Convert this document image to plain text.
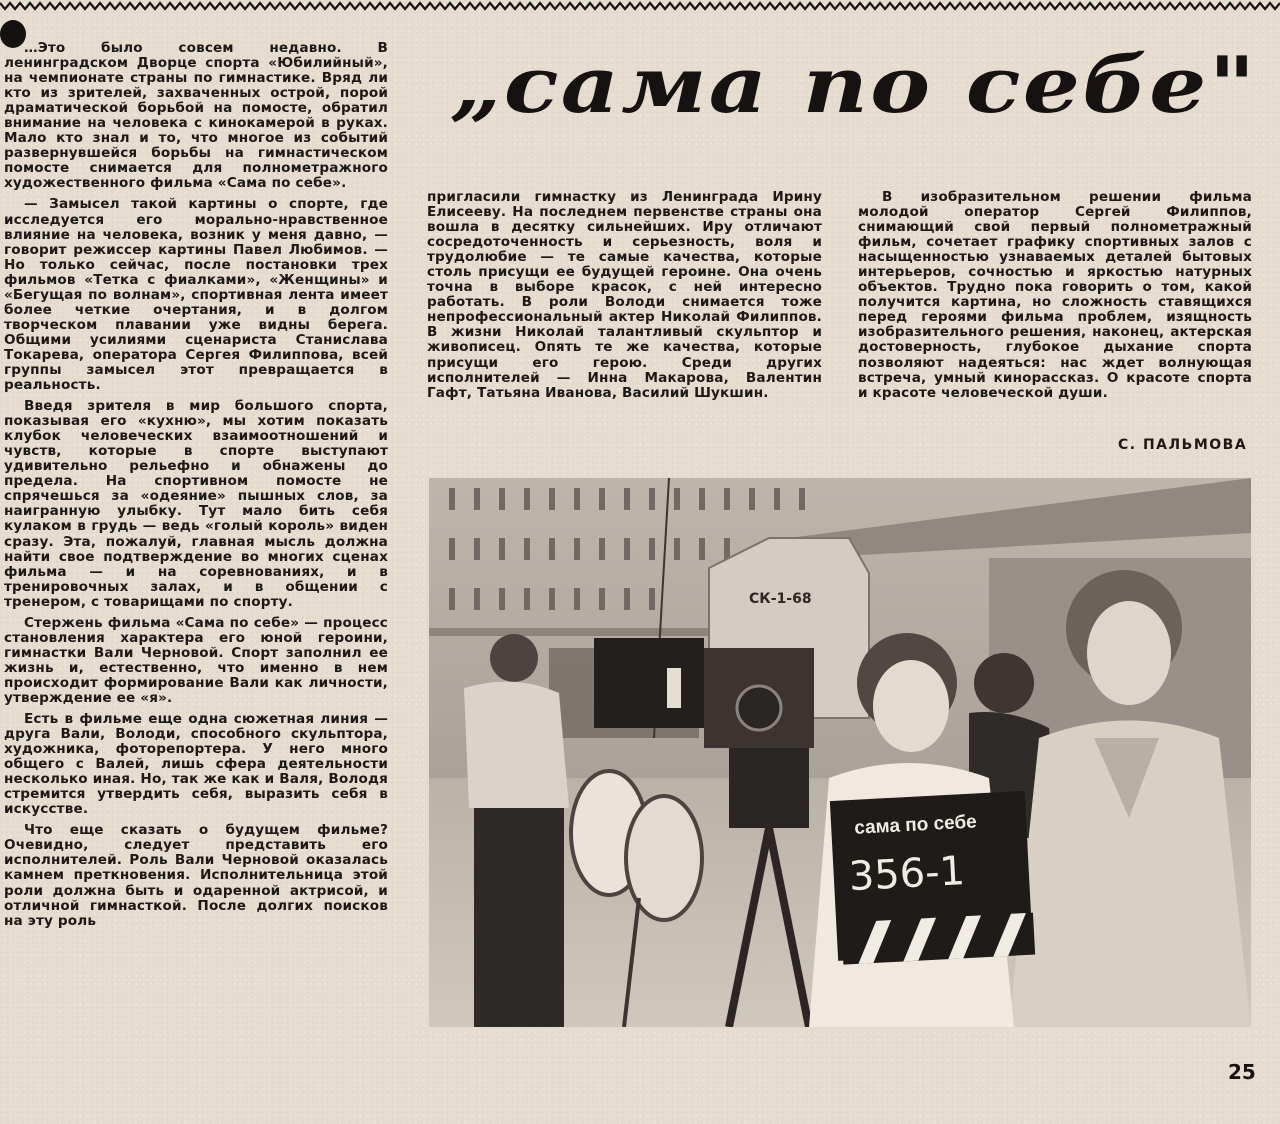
„сама по себе"

…Это было совсем недавно. В ленинградском Дворце спорта «Юбилийный», на чемпионате страны по гимнастике. Вряд ли кто из зрителей, захваченных острой, порой драматической борьбой на помосте, обратил внимание на человека с кинокамерой в руках. Мало кто знал и то, что многое из событий развернувшейся борьбы на гимнастическом помосте снимается для полнометражного художественного фильма «Сама по себе».

— Замысел такой картины о спорте, где исследуется его морально-нравственное влияние на человека, возник у меня давно, — говорит режиссер картины Павел Любимов. — Но только сейчас, после постановки трех фильмов «Тетка с фиалками», «Женщины» и «Бегущая по волнам», спортивная лента имеет более четкие очертания, и в долгом творческом плавании уже видны берега. Общими усилиями сценариста Станислава Токарева, оператора Сергея Филиппова, всей группы замысел этот превращается в реальность.

Введя зрителя в мир большого спорта, показывая его «кухню», мы хотим показать клубок человеческих взаимоотношений и чувств, которые в спорте выступают удивительно рельефно и обнажены до предела. На спортивном помосте не спрячешься за «одеяние» пышных слов, за наигранную улыбку. Тут мало бить себя кулаком в грудь — ведь «голый король» виден сразу. Эта, пожалуй, главная мысль должна найти свое подтверждение во многих сценах фильма — и на соревнованиях, и в тренировочных залах, и в общении с тренером, с товарищами по спорту.

Стержень фильма «Сама по себе» — процесс становления характера его юной героини, гимнастки Вали Черновой. Спорт заполнил ее жизнь и, естественно, что именно в нем происходит формирование Вали как личности, утверждение ее «я».

Есть в фильме еще одна сюжетная линия — друга Вали, Володи, способного скульптора, художника, фоторепортера. У него много общего с Валей, лишь сфера деятельности несколько иная. Но, так же как и Валя, Володя стремится утвердить себя, выразить себя в искусстве.

Что еще сказать о будущем фильме? Очевидно, следует представить его исполнителей. Роль Вали Черновой оказалась камнем преткновения. Исполнительница этой роли должна быть и одаренной актрисой, и отличной гимнасткой. После долгих поисков на эту роль

пригласили гимнастку из Ленинграда Ирину Елисееву. На последнем первенстве страны она вошла в десятку сильнейших. Иру отличают сосредоточенность и серьезность, воля и трудолюбие — те самые качества, которые столь присущи ее будущей героине. Она очень точна в выборе красок, с ней интересно работать. В роли Володи снимается тоже непрофессиональный актер Николай Филиппов. В жизни Николай талантливый скульптор и живописец. Опять те же качества, которые присущи его герою. Среди других исполнителей — Инна Макарова, Валентин Гафт, Татьяна Иванова, Василий Шукшин.

В изобразительном решении фильма молодой оператор Сергей Филиппов, снимающий свой первый полнометражный фильм, сочетает графику спортивных залов с насыщенностью узнаваемых деталей бытовых интерьеров, сочностью и яркостью натурных объектов. Трудно пока говорить о том, какой получится картина, но сложность ставящихся перед героями фильма проблем, изящность изобразительного решения, наконец, актерская достоверность, глубокое дыхание спорта позволяют надеяться: нас ждет волнующая встреча, умный кинорассказ. О красоте спорта и красоте человеческой души.

С. ПАЛЬМОВА
СК-1-68
сама по себе
356-1
25
